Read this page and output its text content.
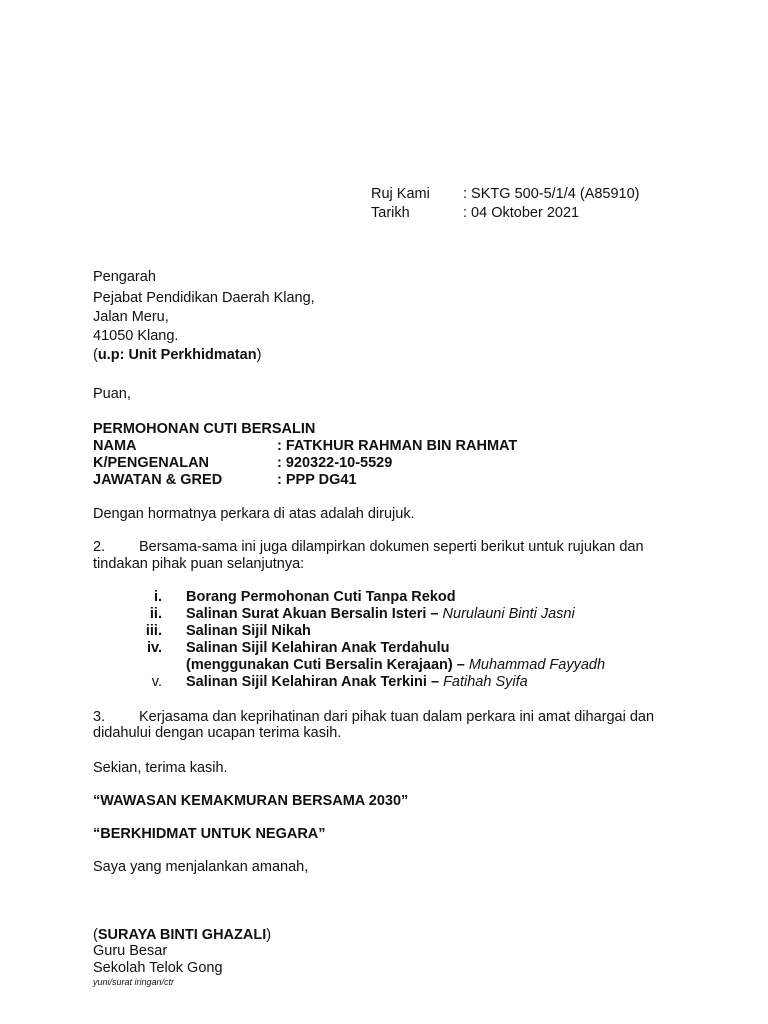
Ruj Kami : SKTG 500-5/1/4 (A85910)
Tarikh	: 04 Oktober 2021
Pengarah
Pejabat Pendidikan Daerah Klang,
Jalan Meru,
41050 Klang.
(u.p: Unit Perkhidmatan)
Puan,
PERMOHONAN CUTI BERSALIN
NAMA	: FATKHUR RAHMAN BIN RAHMAT
K/PENGENALAN	: 920322-10-5529
JAWATAN & GRED	: PPP DG41
Dengan hormatnya perkara di atas adalah dirujuk.
2. Bersama-sama ini juga dilampirkan dokumen seperti berikut untuk rujukan dan
tindakan pihak puan selanjutnya:
i. Borang Permohonan Cuti Tanpa Rekod
ii. Salinan Surat Akuan Bersalin Isteri – Nurulauni Binti Jasni
iii. Salinan Sijil Nikah
iv. Salinan Sijil Kelahiran Anak Terdahulu
(menggunakan Cuti Bersalin Kerajaan) – Muhammad Fayyadh
v. Salinan Sijil Kelahiran Anak Terkini – Fatihah Syifa
3. Kerjasama dan keprihatinan dari pihak tuan dalam perkara ini amat dihargai dan
didahului dengan ucapan terima kasih.
Sekian, terima kasih.
“WAWASAN KEMAKMURAN BERSAMA 2030”
“BERKHIDMAT UNTUK NEGARA”
Saya yang menjalankan amanah,
(SURAYA BINTI GHAZALI)
Guru Besar
Sekolah Telok Gong
yuni/surat iringan/ctr
